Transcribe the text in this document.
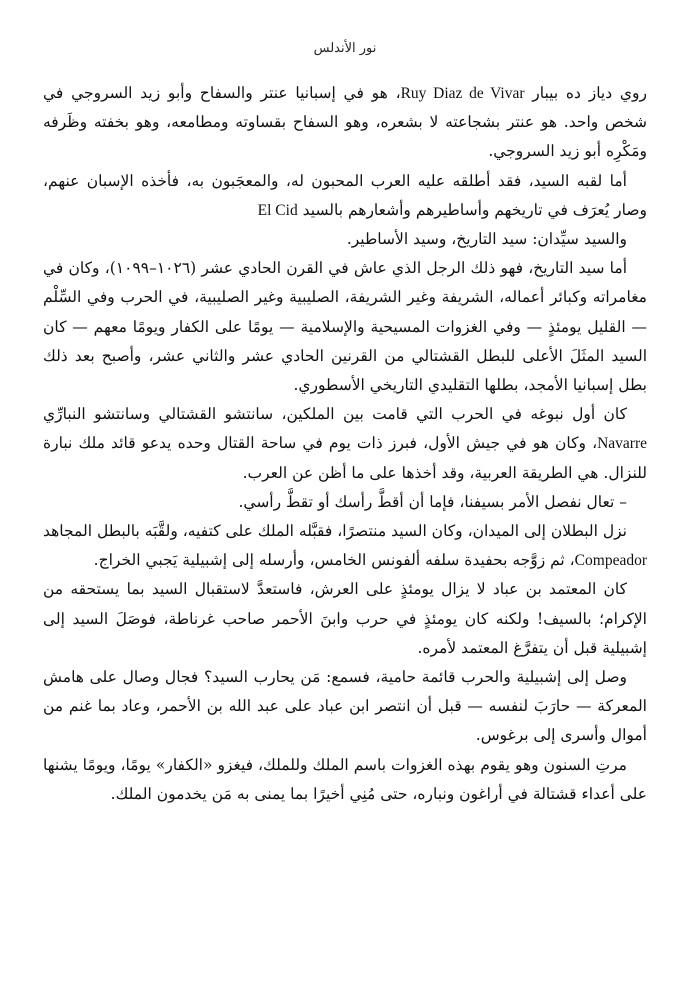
نور الأندلس

روي دياز ده بيبار Ruy Diaz de Vivar، هو في إسبانيا عنتر والسفاح وأبو زيد السروجي في شخص واحد. هو عنتر بشجاعته لا بشعره، وهو السفاح بقساوته ومطامعه، وهو بخفته وظَرفه ومَكْرِه أبو زيد السروجي.

أما لقبه السيد، فقد أطلقه عليه العرب المحبون له، والمعجَبون به، فأخذه الإسبان عنهم، وصار يُعرَف في تاريخهم وأساطيرهم وأشعارهم بالسيد El Cid

والسيد سيِّدان: سيد التاريخ، وسيد الأساطير.

أما سيد التاريخ، فهو ذلك الرجل الذي عاش في القرن الحادي عشر (١٠٢٦–١٠٩٩)، وكان في مغامراته وكبائر أعماله، الشريفة وغير الشريفة، الصليبية وغير الصليبية، في الحرب وفي السِّلْم — القليل يومئذٍ — وفي الغزوات المسيحية والإسلامية — يومًا على الكفار ويومًا معهم — كان السيد المثَلَ الأعلى للبطل القشتالي من القرنين الحادي عشر والثاني عشر، وأصبح بعد ذلك بطل إسبانيا الأمجد، بطلها التقليدي التاريخي الأسطوري.

كان أول نبوغه في الحرب التي قامت بين الملكين، سانتشو القشتالي وسانتشو النبارِّي Navarre، وكان هو في جيش الأول، فبرز ذات يوم في ساحة القتال وحده يدعو قائد ملك نبارة للنزال. هي الطريقة العربية، وقد أخذها على ما أظن عن العرب.

– تعال نفصل الأمر بسيفنا، فإما أن أقطَّ رأسك أو تقطَّ رأسي.

نزل البطلان إلى الميدان، وكان السيد منتصرًا، فقبَّله الملك على كتفيه، ولقَّبَه بالبطل المجاهد Compeador، ثم زوَّجه بحفيدة سلفه ألفونس الخامس، وأرسله إلى إشبيلية يَجبي الخراج.

كان المعتمد بن عباد لا يزال يومئذٍ على العرش، فاستعدَّ لاستقبال السيد بما يستحقه من الإكرام؛ بالسيف! ولكنه كان يومئذٍ في حرب وابنَ الأحمر صاحب غرناطة، فوصَلَ السيد إلى إشبيلية قبل أن يتفرَّغ المعتمد لأمره.

وصل إلى إشبيلية والحرب قائمة حامية، فسمع: مَن يحارب السيد؟ فجال وصال على هامش المعركة — حارَبَ لنفسه — قبل أن انتصر ابن عباد على عبد الله بن الأحمر، وعاد بما غنم من أموال وأسرى إلى برغوس.

مرتِ السنون وهو يقوم بهذه الغزوات باسم الملك وللملك، فيغزو «الكفار» يومًا، ويومًا يشنها على أعداء قشتالة في أراغون ونباره، حتى مُنِي أخيرًا بما يمنى به مَن يخدمون الملك.
